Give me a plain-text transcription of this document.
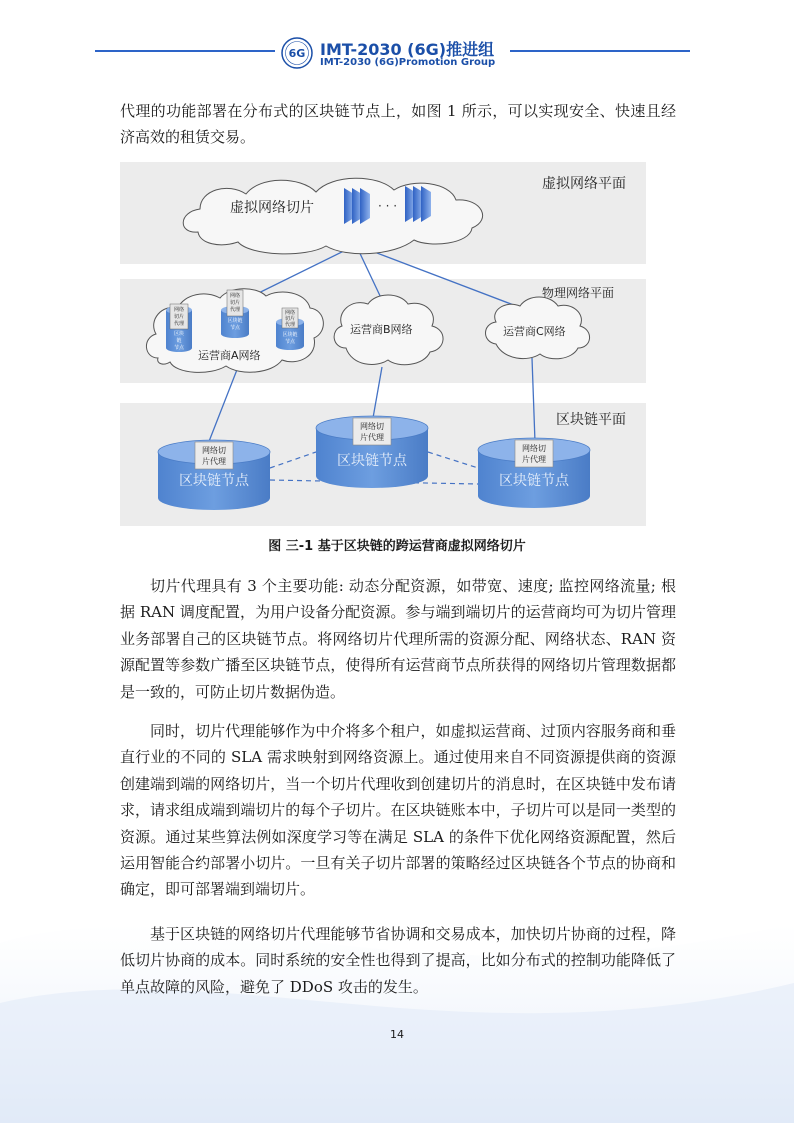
6G IMT-2030 (6G)推进组
IMT-2030 (6G)Promotion Group

代理的功能部署在分布式的区块链节点上，如图 1 所示，可以实现安全、快速且经济高效的租赁交易。

虚拟网络平面
物理网络平面
区块链平面
虚拟网络切片	· · ·
运营商A网络
网络
切片
代理
区块
链
节点
网络
切片
代理
区块链
节点
网络
切片
代理
区块链
节点
运营商B网络	运营商C网络
网络切
片代理
区块链节点
网络切
片代理
区块链节点
网络切
片代理
区块链节点
图 三-1 基于区块链的跨运营商虚拟网络切片

切片代理具有 3 个主要功能: 动态分配资源，如带宽、速度; 监控网络流量; 根据 RAN 调度配置，为用户设备分配资源。参与端到端切片的运营商均可为切片管理业务部署自己的区块链节点。将网络切片代理所需的资源分配、网络状态、RAN 资源配置等参数广播至区块链节点，使得所有运营商节点所获得的网络切片管理数据都是一致的，可防止切片数据伪造。

同时，切片代理能够作为中介将多个租户，如虚拟运营商、过顶内容服务商和垂直行业的不同的 SLA 需求映射到网络资源上。通过使用来自不同资源提供商的资源创建端到端的网络切片，当一个切片代理收到创建切片的消息时，在区块链中发布请求，请求组成端到端切片的每个子切片。在区块链账本中，子切片可以是同一类型的资源。通过某些算法例如深度学习等在满足 SLA 的条件下优化网络资源配置，然后运用智能合约部署小切片。一旦有关子切片部署的策略经过区块链各个节点的协商和确定，即可部署端到端切片。

基于区块链的网络切片代理能够节省协调和交易成本，加快切片协商的过程，降低切片协商的成本。同时系统的安全性也得到了提高，比如分布式的控制功能降低了单点故障的风险，避免了 DDoS 攻击的发生。

14
